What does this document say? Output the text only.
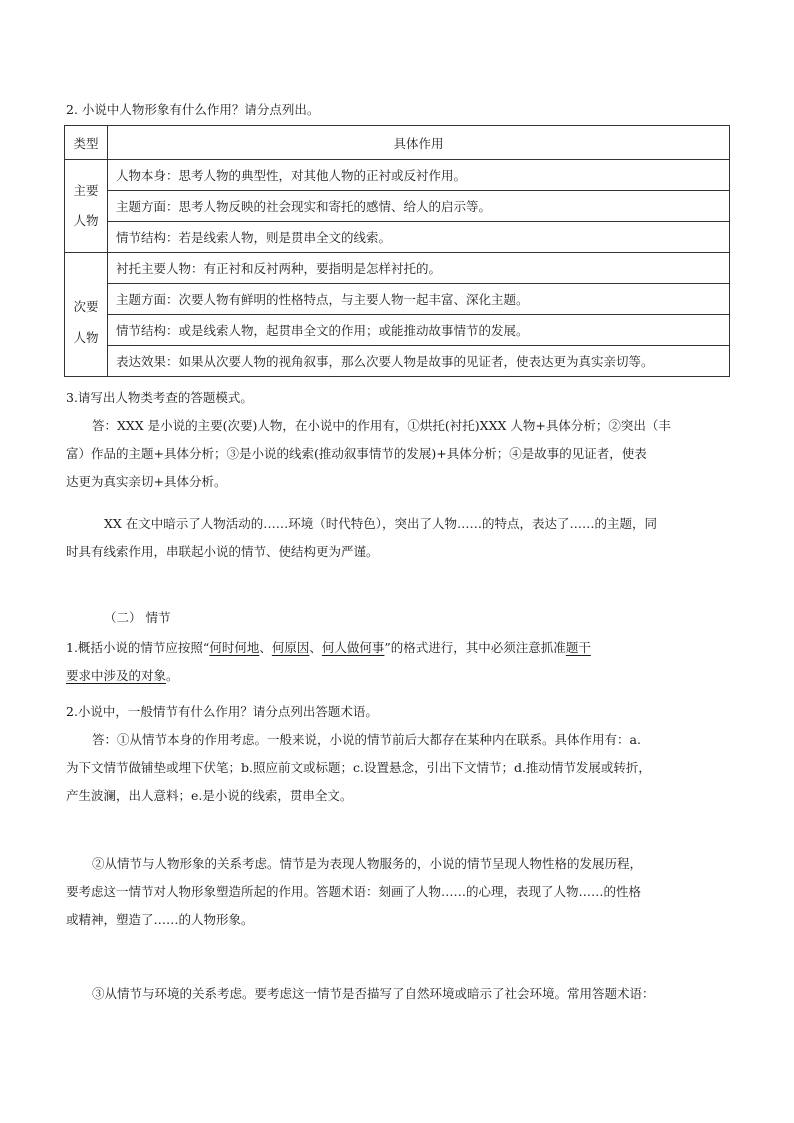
2. 小说中人物形象有什么作用？请分点列出。
类型	具体作用

主要
人物	人物本身：思考人物的典型性，对其他人物的正衬或反衬作用。
	主题方面：思考人物反映的社会现实和寄托的感情、给人的启示等。
	情节结构：若是线索人物，则是贯串全文的线索。

次要
人物	衬托主要人物：有正衬和反衬两种，要指明是怎样衬托的。
	主题方面：次要人物有鲜明的性格特点，与主要人物一起丰富、深化主题。
	情节结构：或是线索人物，起贯串全文的作用；或能推动故事情节的发展。
	表达效果：如果从次要人物的视角叙事，那么次要人物是故事的见证者，使表达更为真实亲切等。
3.请写出人物类考查的答题模式。
答：XXX 是小说的主要(次要)人物，在小说中的作用有，①烘托(衬托)XXX 人物+具体分析；②突出（丰
富）作品的主题+具体分析；③是小说的线索(推动叙事情节的发展)+具体分析；④是故事的见证者，使表
达更为真实亲切+具体分析。
XX 在文中暗示了人物活动的……环境（时代特色），突出了人物……的特点，表达了……的主题，同
时具有线索作用，串联起小说的情节、使结构更为严谨。
（二） 情节
1.概括小说的情节应按照“何时何地、何原因、何人做何事”的格式进行，其中必须注意抓准题干
要求中涉及的对象。
2.小说中，一般情节有什么作用？请分点列出答题术语。
答：①从情节本身的作用考虑。一般来说，小说的情节前后大都存在某种内在联系。具体作用有：a.
为下文情节做铺垫或埋下伏笔；b.照应前文或标题；c.设置悬念，引出下文情节；d.推动情节发展或转折，
产生波澜，出人意料；e.是小说的线索，贯串全文。
②从情节与人物形象的关系考虑。情节是为表现人物服务的，小说的情节呈现人物性格的发展历程，
要考虑这一情节对人物形象塑造所起的作用。答题术语：刻画了人物……的心理，表现了人物……的性格
或精神，塑造了……的人物形象。
③从情节与环境的关系考虑。要考虑这一情节是否描写了自然环境或暗示了社会环境。常用答题术语：
